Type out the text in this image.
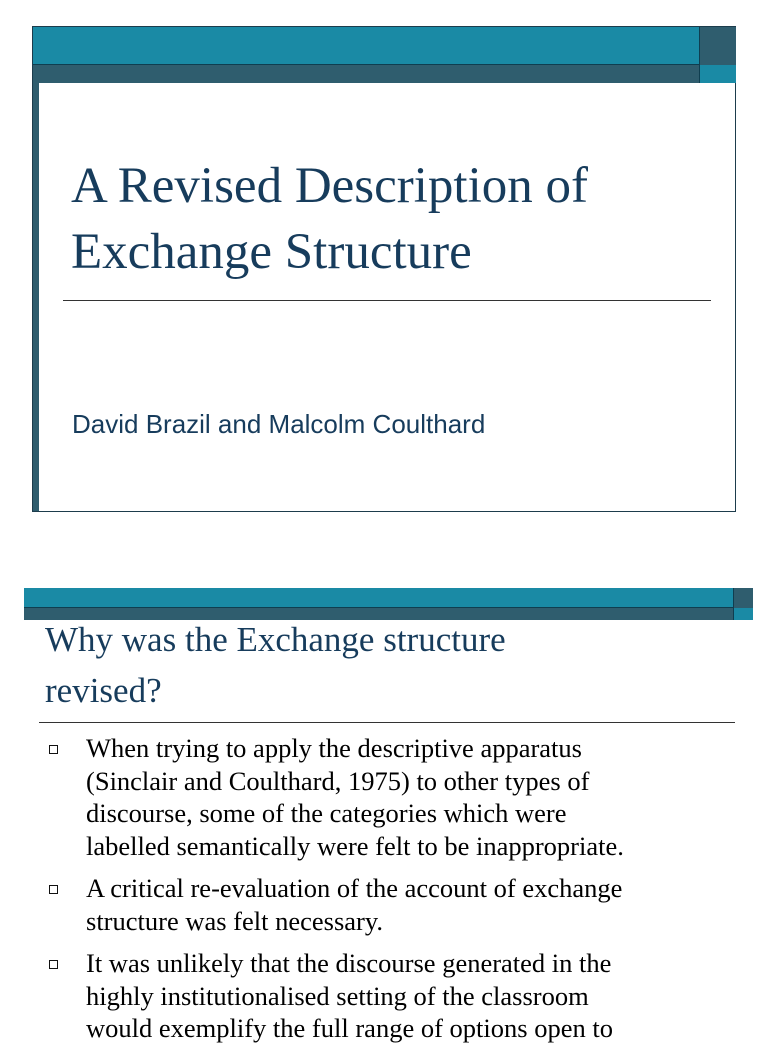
A Revised Description of
Exchange Structure

David Brazil and Malcolm Coulthard

Why was the Exchange structure
revised?
When trying to apply the descriptive apparatus
(Sinclair and Coulthard, 1975) to other types of
discourse, some of the categories which were
labelled semantically were felt to be inappropriate.
A critical re-evaluation of the account of exchange
structure was felt necessary.
It was unlikely that the discourse generated in the
highly institutionalised setting of the classroom
would exemplify the full range of options open to
